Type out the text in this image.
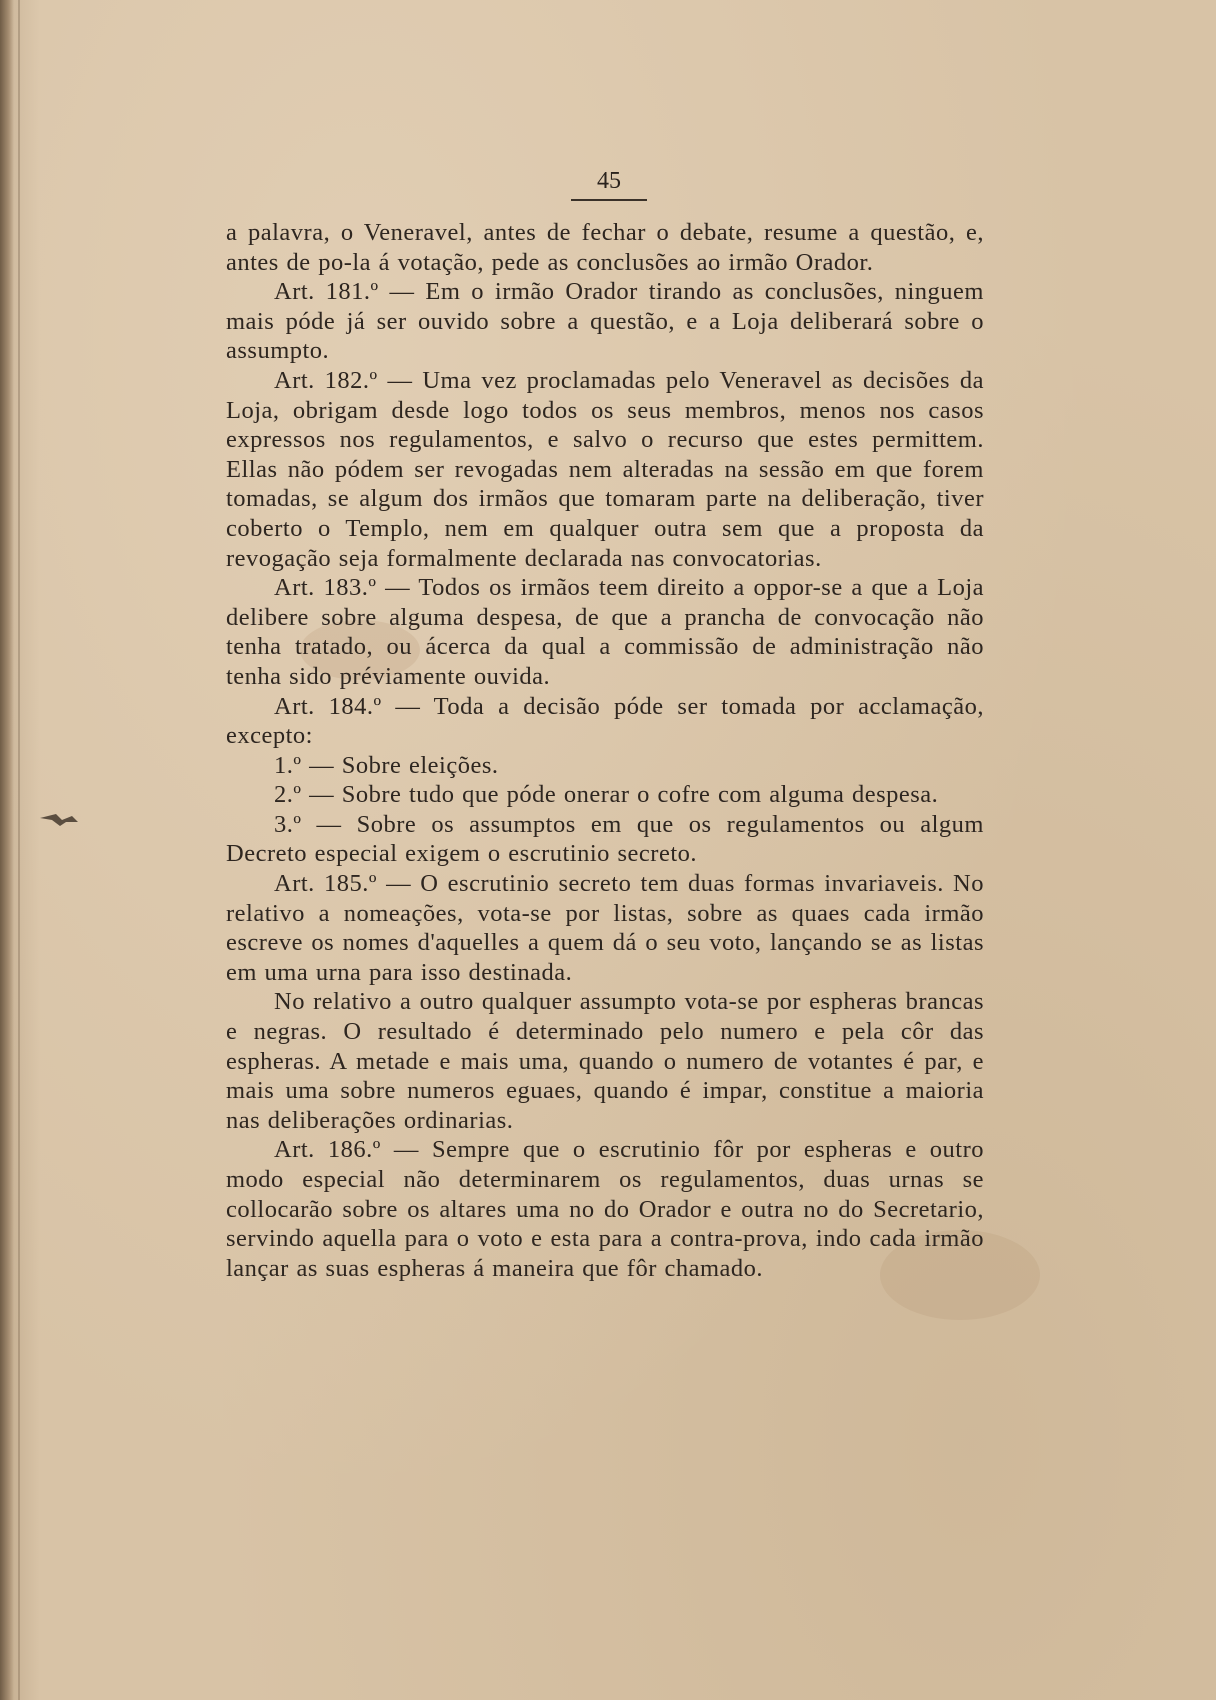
45

a palavra, o Veneravel, antes de fechar o debate, resume a questão, e, antes de po-la á votação, pede as conclusões ao irmão Orador.

Art. 181.º — Em o irmão Orador tirando as conclusões, ninguem mais póde já ser ouvido sobre a questão, e a Loja deliberará sobre o assumpto.

Art. 182.º — Uma vez proclamadas pelo Veneravel as decisões da Loja, obrigam desde logo todos os seus membros, menos nos casos expressos nos regulamentos, e salvo o recurso que estes permittem. Ellas não pódem ser revogadas nem alteradas na sessão em que forem tomadas, se algum dos irmãos que tomaram parte na deliberação, tiver coberto o Templo, nem em qualquer outra sem que a proposta da revogação seja formalmente declarada nas convocatorias.

Art. 183.º — Todos os irmãos teem direito a oppor-se a que a Loja delibere sobre alguma despesa, de que a prancha de convocação não tenha tratado, ou ácerca da qual a commissão de administração não tenha sido préviamente ouvida.

Art. 184.º — Toda a decisão póde ser tomada por acclamação, excepto:

1.º — Sobre eleições.

2.º — Sobre tudo que póde onerar o cofre com alguma despesa.

3.º — Sobre os assumptos em que os regulamentos ou algum Decreto especial exigem o escrutinio secreto.

Art. 185.º — O escrutinio secreto tem duas formas invariaveis. No relativo a nomeações, vota-se por listas, sobre as quaes cada irmão escreve os nomes d'aquelles a quem dá o seu voto, lançando se as listas em uma urna para isso destinada.

No relativo a outro qualquer assumpto vota-se por espheras brancas e negras. O resultado é determinado pelo numero e pela côr das espheras. A metade e mais uma, quando o numero de votantes é par, e mais uma sobre numeros eguaes, quando é impar, constitue a maioria nas deliberações ordinarias.

Art. 186.º — Sempre que o escrutinio fôr por espheras e outro modo especial não determinarem os regulamentos, duas urnas se collocarão sobre os altares uma no do Orador e outra no do Secretario, servindo aquella para o voto e esta para a contra-prova, indo cada irmão lançar as suas espheras á maneira que fôr chamado.
